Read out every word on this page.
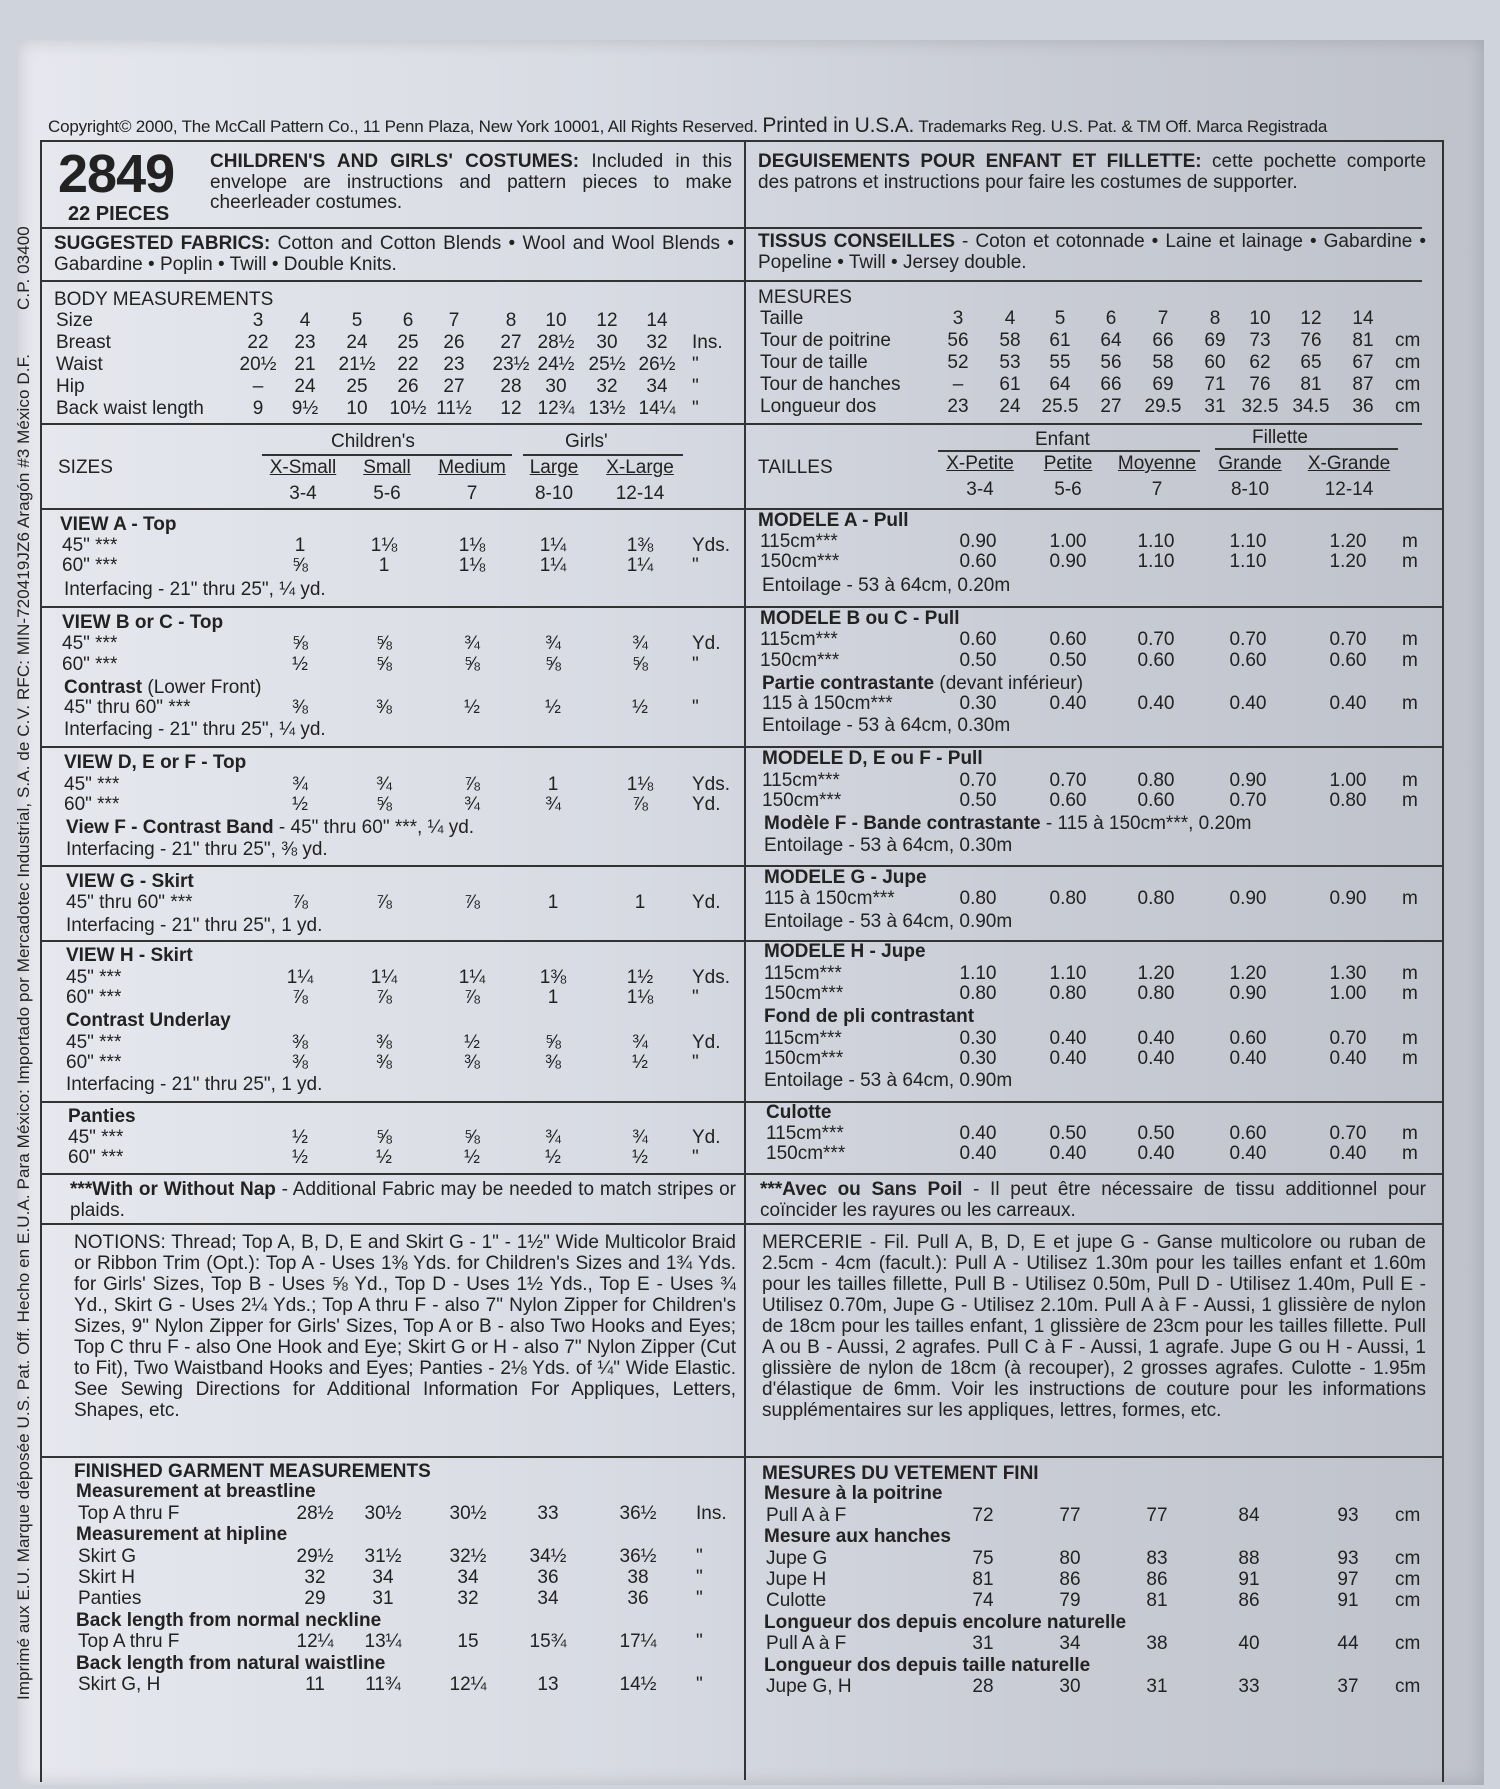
Copyright© 2000, The McCall Pattern Co., 11 Penn Plaza, New York 10001, All Rights Reserved. Printed in U.S.A. Trademarks Reg. U.S. Pat. & TM Off. Marca Registrada
Imprimé aux E.U. Marque déposée U.S. Pat. Off. Hecho en E.U.A. Para México: Importado por Mercadotec Industrial, S.A. de C.V. RFC: MIN-720419JZ6 Aragón #3 México D.F.
C.P. 03400
2849
22 PIECES
CHILDREN'S AND GIRLS' COSTUMES: Included in this envelope are instructions and pattern pieces to make cheerleader costumes.
SUGGESTED FABRICS: Cotton and Cotton Blends • Wool and Wool Blends • Gabardine • Poplin • Twill • Double Knits.
BODY MEASUREMENTS
Size	3	4	5	6	7	8	10	12	14
Breast	22	23	24	25	26	27 28½	30	32	Ins.
Waist	20½ 21	21½	22	23	23½ 24½ 25½ 26½ "
Hip	–	24	25	26	27	28	30	32	34	"
Back waist length	9	9½	10	10½ 11½	12 12¾ 13½ 14¼ "
SIZES
Children's	Girls'
X-Small	Small	Medium	Large	X-Large
3-4	5-6	7	8-10	12-14
VIEW A - Top
45" ***	1	1⅛	1⅛	1¼	1⅜	Yds.
60" ***	⅝	1	1⅛	1¼	1¼	"
Interfacing - 21" thru 25", ¼ yd.
VIEW B or C - Top
45" ***	⅝	⅝	¾	¾	¾	Yd.
60" ***	½	⅝	⅝	⅝	⅝	"
Contrast (Lower Front)
45" thru 60" ***	⅜	⅜	½	½	½	"
Interfacing - 21" thru 25", ¼ yd.
VIEW D, E or F - Top
45" ***	¾	¾	⅞	1	1⅛	Yds.
60" ***	½	⅝	¾	¾	⅞	Yd.
View F - Contrast Band - 45" thru 60" ***, ¼ yd.
Interfacing - 21" thru 25", ⅜ yd.
VIEW G - Skirt
45" thru 60" ***	⅞	⅞	⅞	1	1	Yd.
Interfacing - 21" thru 25", 1 yd.
VIEW H - Skirt
45" ***	1¼	1¼	1¼	1⅜	1½	Yds.
60" ***	⅞	⅞	⅞	1	1⅛	"
Contrast Underlay
45" ***	⅜	⅜	½	⅝	¾	Yd.
60" ***	⅜	⅜	⅜	⅜	½	"
Interfacing - 21" thru 25", 1 yd.
Panties
45" ***	½	⅝	⅝	¾	¾	Yd.
60" ***	½	½	½	½	½	"
***With or Without Nap - Additional Fabric may be needed to match stripes or plaids.
NOTIONS: Thread; Top A, B, D, E and Skirt G - 1" - 1½" Wide Multicolor Braid or Ribbon Trim (Opt.): Top A - Uses 1⅜ Yds. for Children's Sizes and 1¾ Yds. for Girls' Sizes, Top B - Uses ⅝ Yd., Top D - Uses 1½ Yds., Top E - Uses ¾ Yd., Skirt G - Uses 2¼ Yds.; Top A thru F - also 7" Nylon Zipper for Children's Sizes, 9" Nylon Zipper for Girls' Sizes, Top A or B - also Two Hooks and Eyes; Top C thru F - also One Hook and Eye; Skirt G or H - also 7" Nylon Zipper (Cut to Fit), Two Waistband Hooks and Eyes; Panties - 2⅛ Yds. of ¼" Wide Elastic. See Sewing Directions for Additional Information For Appliques, Letters, Shapes, etc.
FINISHED GARMENT MEASUREMENTS
Measurement at breastline
Top A thru F	28½	30½	30½	33	36½	Ins.
Measurement at hipline
Skirt G	29½	31½	32½	34½	36½	"
Skirt H	32	34	34	36	38	"
Panties	29	31	32	34	36	"
Back length from normal neckline
Top A thru F	12¼	13¼	15	15¾	17¼	"
Back length from natural waistline
Skirt G, H	11	11¾	12¼	13	14½	"
DEGUISEMENTS POUR ENFANT ET FILLETTE: cette pochette comporte des patrons et instructions pour faire les costumes de supporter.
TISSUS CONSEILLES - Coton et cotonnade • Laine et lainage • Gabardine • Popeline • Twill • Jersey double.
MESURES
Taille	3	4	5	6	7	8	10	12	14
Tour de poitrine	56	58	61	64	66	69	73	76	81	cm
Tour de taille	52	53	55	56	58	60	62	65	67	cm
Tour de hanches	–	61	64	66	69	71	76	81	87	cm
Longueur dos	23	24	25.5	27	29.5	31 32.5 34.5	36	cm
TAILLES
Enfant	Fillette
X-Petite	Petite	Moyenne	Grande	X-Grande
3-4	5-6	7	8-10	12-14
MODELE A - Pull
115cm***	0.90	1.00	1.10	1.10	1.20	m
150cm***	0.60	0.90	1.10	1.10	1.20	m
Entoilage - 53 à 64cm, 0.20m
MODELE B ou C - Pull
115cm***	0.60	0.60	0.70	0.70	0.70	m
150cm***	0.50	0.50	0.60	0.60	0.60	m
Partie contrastante (devant inférieur)
115 à 150cm***	0.30	0.40	0.40	0.40	0.40	m
Entoilage - 53 à 64cm, 0.30m
MODELE D, E ou F - Pull
115cm***	0.70	0.70	0.80	0.90	1.00	m
150cm***	0.50	0.60	0.60	0.70	0.80	m
Modèle F - Bande contrastante - 115 à 150cm***, 0.20m
Entoilage - 53 à 64cm, 0.30m
MODELE G - Jupe
115 à 150cm***	0.80	0.80	0.80	0.90	0.90	m
Entoilage - 53 à 64cm, 0.90m
MODELE H - Jupe
115cm***	1.10	1.10	1.20	1.20	1.30	m
150cm***	0.80	0.80	0.80	0.90	1.00	m
Fond de pli contrastant
115cm***	0.30	0.40	0.40	0.60	0.70	m
150cm***	0.30	0.40	0.40	0.40	0.40	m
Entoilage - 53 à 64cm, 0.90m
Culotte
115cm***	0.40	0.50	0.50	0.60	0.70	m
150cm***	0.40	0.40	0.40	0.40	0.40	m
***Avec ou Sans Poil - Il peut être nécessaire de tissu additionnel pour coïncider les rayures ou les carreaux.
MERCERIE - Fil. Pull A, B, D, E et jupe G - Ganse multicolore ou ruban de 2.5cm - 4cm (facult.): Pull A - Utilisez 1.30m pour les tailles enfant et 1.60m pour les tailles fillette, Pull B - Utilisez 0.50m, Pull D - Utilisez 1.40m, Pull E - Utilisez 0.70m, Jupe G - Utilisez 2.10m. Pull A à F - Aussi, 1 glissière de nylon de 18cm pour les tailles enfant, 1 glissière de 23cm pour les tailles fillette. Pull A ou B - Aussi, 2 agrafes. Pull C à F - Aussi, 1 agrafe. Jupe G ou H - Aussi, 1 glissière de nylon de 18cm (à recouper), 2 grosses agrafes. Culotte - 1.95m d'élastique de 6mm. Voir les instructions de couture pour les informations supplémentaires sur les appliques, lettres, formes, etc.
MESURES DU VETEMENT FINI
Mesure à la poitrine
Pull A à F	72	77	77	84	93	cm
Mesure aux hanches
Jupe G	75	80	83	88	93	cm
Jupe H	81	86	86	91	97	cm
Culotte	74	79	81	86	91	cm
Longueur dos depuis encolure naturelle
Pull A à F	31	34	38	40	44	cm
Longueur dos depuis taille naturelle
Jupe G, H	28	30	31	33	37	cm
